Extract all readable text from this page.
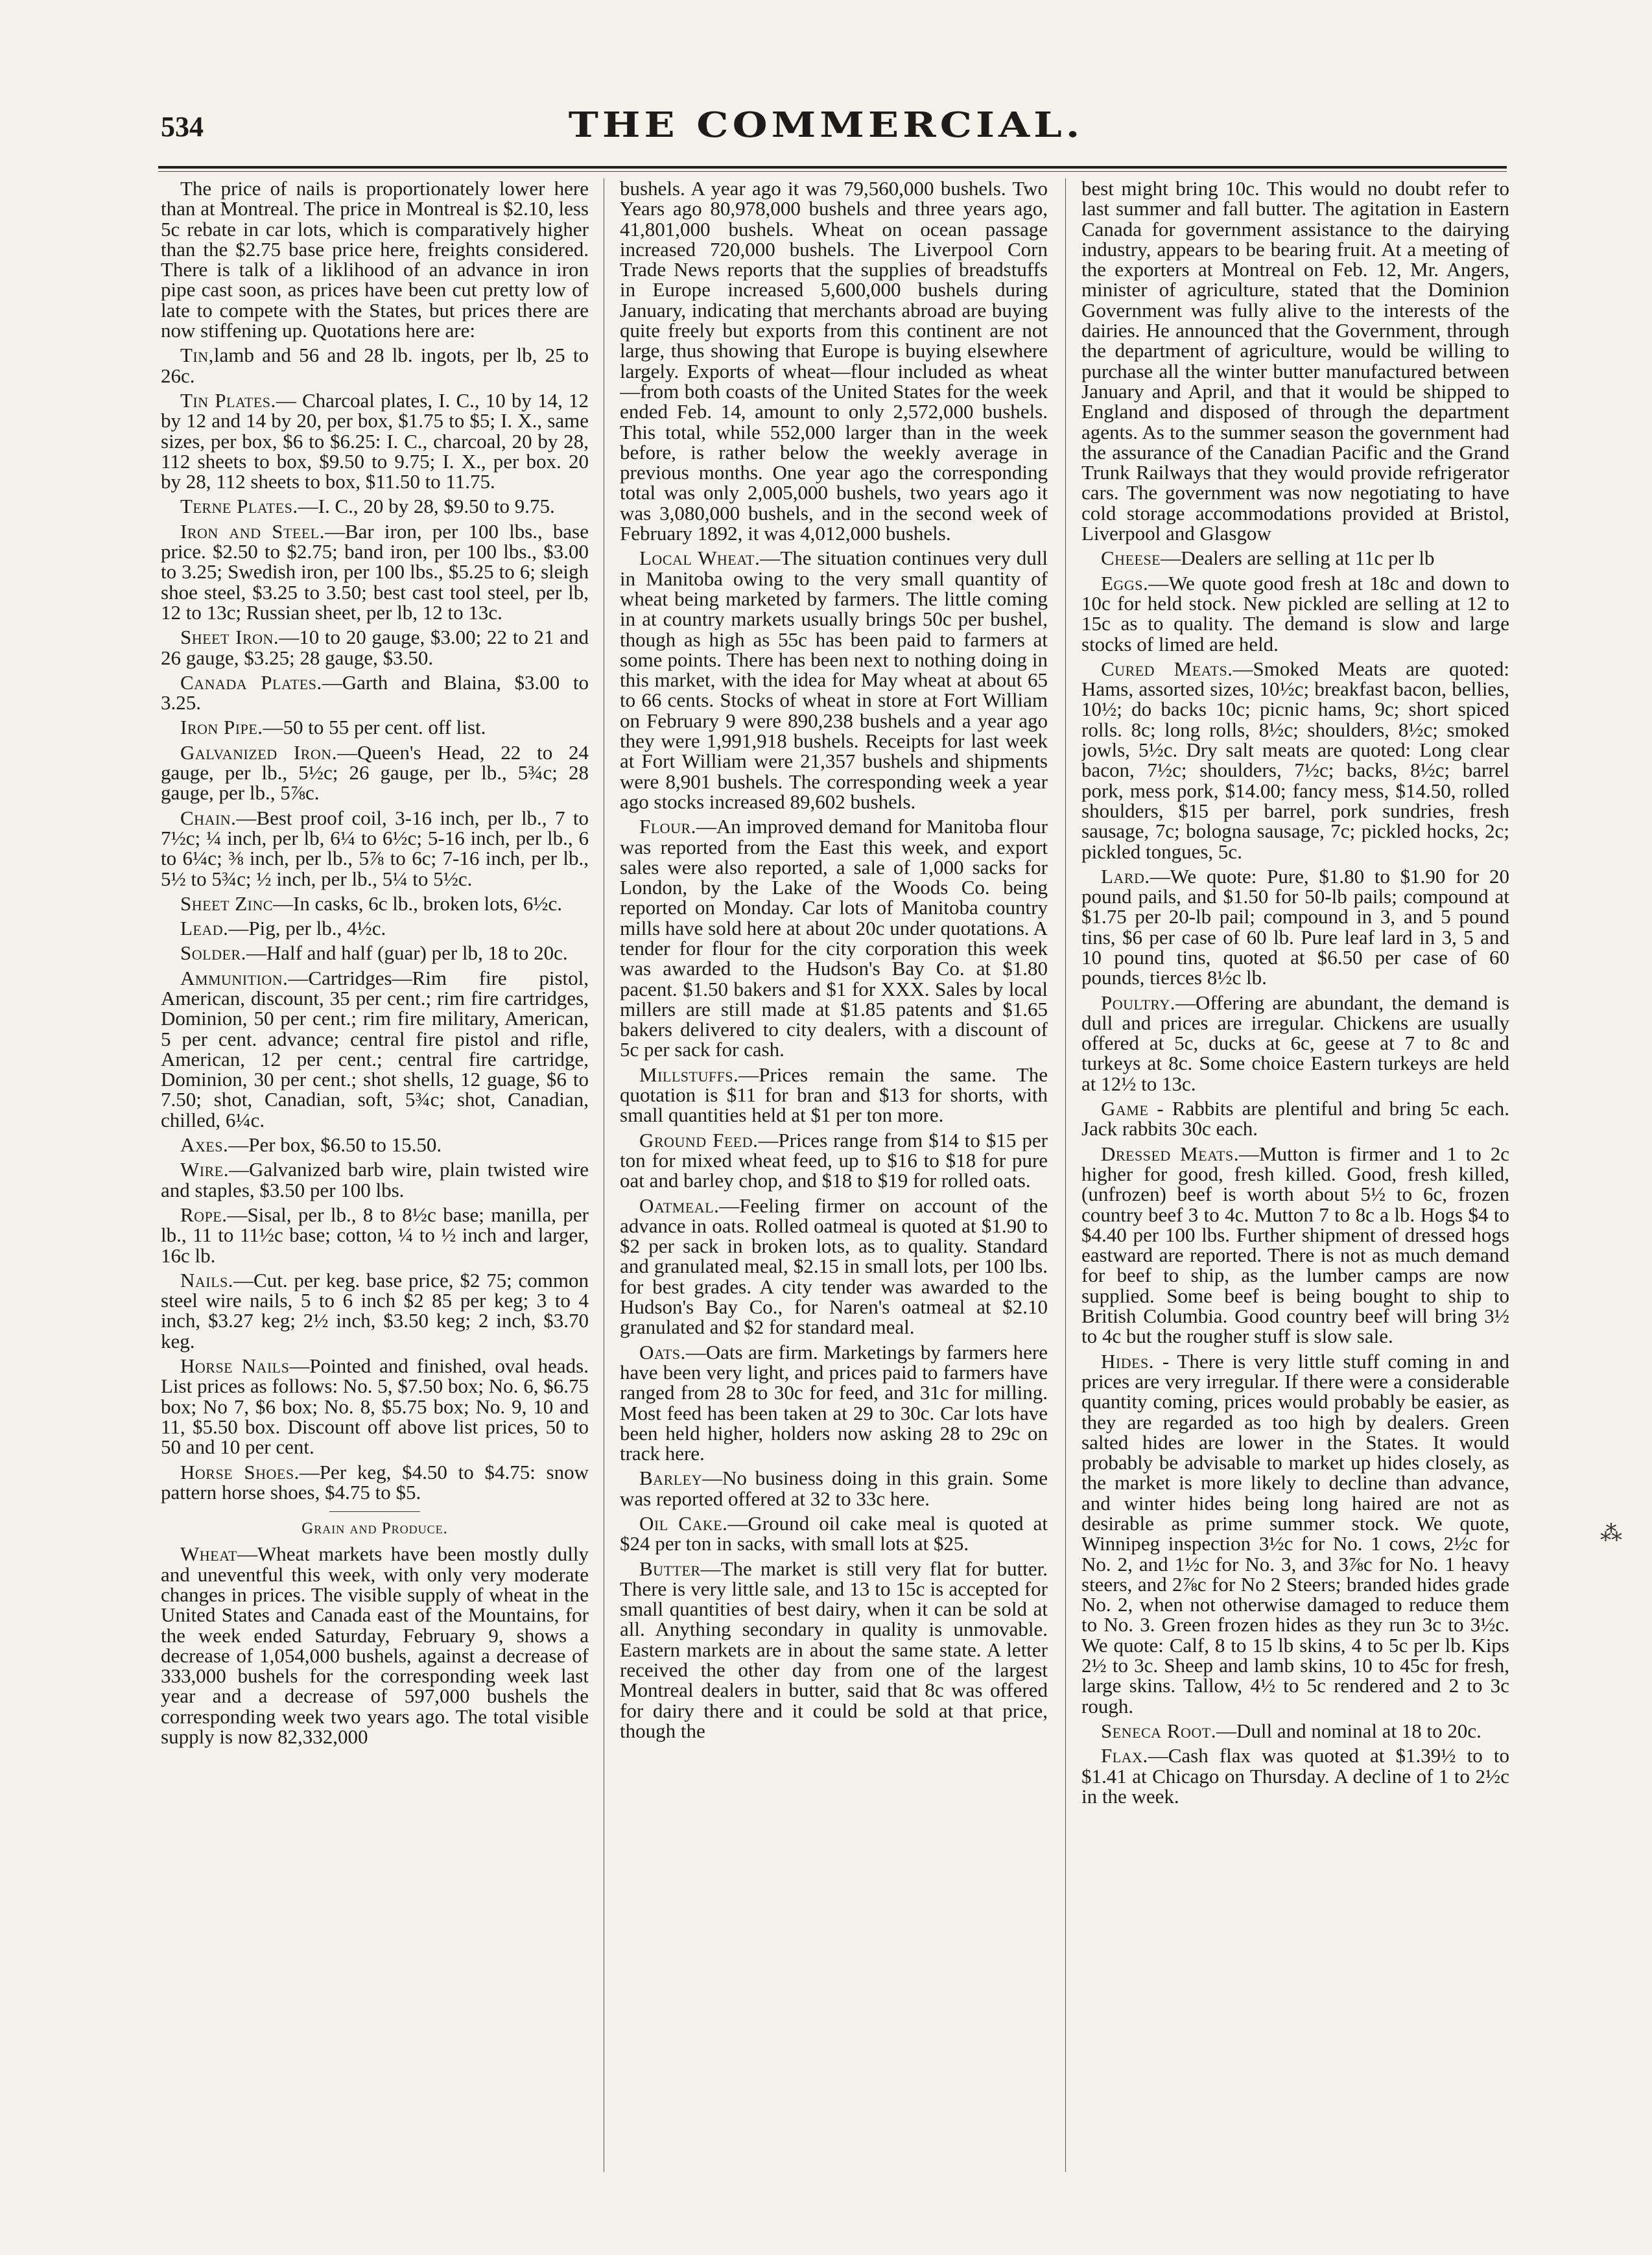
534	THE COMMERCIAL.

The price of nails is proportionately lower here than at Montreal. The price in Montreal is $2.10, less 5c rebate in car lots, which is comparatively higher than the $2.75 base price here, freights considered. There is talk of a liklihood of an advance in iron pipe cast soon, as prices have been cut pretty low of late to compete with the States, but prices there are now stiffening up. Quotations here are:

Tin,lamb and 56 and 28 lb. ingots, per lb, 25 to 26c.

Tin Plates.— Charcoal plates, I. C., 10 by 14, 12 by 12 and 14 by 20, per box, $1.75 to $5; I. X., same sizes, per box, $6 to $6.25: I. C., charcoal, 20 by 28, 112 sheets to box, $9.50 to 9.75; I. X., per box. 20 by 28, 112 sheets to box, $11.50 to 11.75.

Terne Plates.—I. C., 20 by 28, $9.50 to 9.75.

Iron and Steel.—Bar iron, per 100 lbs., base price. $2.50 to $2.75; band iron, per 100 lbs., $3.00 to 3.25; Swedish iron, per 100 lbs., $5.25 to 6; sleigh shoe steel, $3.25 to 3.50; best cast tool steel, per lb, 12 to 13c; Russian sheet, per lb, 12 to 13c.

Sheet Iron.—10 to 20 gauge, $3.00; 22 to 21 and 26 gauge, $3.25; 28 gauge, $3.50.

Canada Plates.—Garth and Blaina, $3.00 to 3.25.

Iron Pipe.—50 to 55 per cent. off list.

Galvanized Iron.—Queen's Head, 22 to 24 gauge, per lb., 5½c; 26 gauge, per lb., 5¾c; 28 gauge, per lb., 5⅞c.

Chain.—Best proof coil, 3-16 inch, per lb., 7 to 7½c; ¼ inch, per lb, 6¼ to 6½c; 5-16 inch, per lb., 6 to 6¼c; ⅜ inch, per lb., 5⅞ to 6c; 7-16 inch, per lb., 5½ to 5¾c; ½ inch, per lb., 5¼ to 5½c.

Sheet Zinc—In casks, 6c lb., broken lots, 6½c.

Lead.—Pig, per lb., 4½c.

Solder.—Half and half (guar) per lb, 18 to 20c.

Ammunition.—Cartridges—Rim fire pistol, American, discount, 35 per cent.; rim fire cartridges, Dominion, 50 per cent.; rim fire military, American, 5 per cent. advance; central fire pistol and rifle, American, 12 per cent.; central fire cartridge, Dominion, 30 per cent.; shot shells, 12 guage, $6 to 7.50; shot, Canadian, soft, 5¾c; shot, Canadian, chilled, 6¼c.

Axes.—Per box, $6.50 to 15.50.

Wire.—Galvanized barb wire, plain twisted wire and staples, $3.50 per 100 lbs.

Rope.—Sisal, per lb., 8 to 8½c base; manilla, per lb., 11 to 11½c base; cotton, ¼ to ½ inch and larger, 16c lb.

Nails.—Cut. per keg. base price, $2 75; common steel wire nails, 5 to 6 inch $2 85 per keg; 3 to 4 inch, $3.27 keg; 2½ inch, $3.50 keg; 2 inch, $3.70 keg.

Horse Nails—Pointed and finished, oval heads. List prices as follows: No. 5, $7.50 box; No. 6, $6.75 box; No 7, $6 box; No. 8, $5.75 box; No. 9, 10 and 11, $5.50 box. Discount off above list prices, 50 to 50 and 10 per cent.

Horse Shoes.—Per keg, $4.50 to $4.75: snow pattern horse shoes, $4.75 to $5.

Grain and Produce.

Wheat—Wheat markets have been mostly dully and uneventful this week, with only very moderate changes in prices. The visible supply of wheat in the United States and Canada east of the Mountains, for the week ended Saturday, February 9, shows a decrease of 1,054,000 bushels, against a decrease of 333,000 bushels for the corresponding week last year and a decrease of 597,000 bushels the corresponding week two years ago. The total visible supply is now 82,332,000

bushels. A year ago it was 79,560,000 bushels. Two Years ago 80,978,000 bushels and three years ago, 41,801,000 bushels. Wheat on ocean passage increased 720,000 bushels. The Liverpool Corn Trade News reports that the supplies of breadstuffs in Europe increased 5,600,000 bushels during January, indicating that merchants abroad are buying quite freely but exports from this continent are not large, thus showing that Europe is buying elsewhere largely. Exports of wheat—flour included as wheat—from both coasts of the United States for the week ended Feb. 14, amount to only 2,572,000 bushels. This total, while 552,000 larger than in the week before, is rather below the weekly average in previous months. One year ago the corresponding total was only 2,005,000 bushels, two years ago it was 3,080,000 bushels, and in the second week of February 1892, it was 4,012,000 bushels.

Local Wheat.—The situation continues very dull in Manitoba owing to the very small quantity of wheat being marketed by farmers. The little coming in at country markets usually brings 50c per bushel, though as high as 55c has been paid to farmers at some points. There has been next to nothing doing in this market, with the idea for May wheat at about 65 to 66 cents. Stocks of wheat in store at Fort William on February 9 were 890,238 bushels and a year ago they were 1,991,918 bushels. Receipts for last week at Fort William were 21,357 bushels and shipments were 8,901 bushels. The corresponding week a year ago stocks increased 89,602 bushels.

Flour.—An improved demand for Manitoba flour was reported from the East this week, and export sales were also reported, a sale of 1,000 sacks for London, by the Lake of the Woods Co. being reported on Monday. Car lots of Manitoba country mills have sold here at about 20c under quotations. A tender for flour for the city corporation this week was awarded to the Hudson's Bay Co. at $1.80 pacent. $1.50 bakers and $1 for XXX. Sales by local millers are still made at $1.85 patents and $1.65 bakers delivered to city dealers, with a discount of 5c per sack for cash.

Millstuffs.—Prices remain the same. The quotation is $11 for bran and $13 for shorts, with small quantities held at $1 per ton more.

Ground Feed.—Prices range from $14 to $15 per ton for mixed wheat feed, up to $16 to $18 for pure oat and barley chop, and $18 to $19 for rolled oats.

Oatmeal.—Feeling firmer on account of the advance in oats. Rolled oatmeal is quoted at $1.90 to $2 per sack in broken lots, as to quality. Standard and granulated meal, $2.15 in small lots, per 100 lbs. for best grades. A city tender was awarded to the Hudson's Bay Co., for Naren's oatmeal at $2.10 granulated and $2 for standard meal.

Oats.—Oats are firm. Marketings by farmers here have been very light, and prices paid to farmers have ranged from 28 to 30c for feed, and 31c for milling. Most feed has been taken at 29 to 30c. Car lots have been held higher, holders now asking 28 to 29c on track here.

Barley—No business doing in this grain. Some was reported offered at 32 to 33c here.

Oil Cake.—Ground oil cake meal is quoted at $24 per ton in sacks, with small lots at $25.

Butter—The market is still very flat for butter. There is very little sale, and 13 to 15c is accepted for small quantities of best dairy, when it can be sold at all. Anything secondary in quality is unmovable. Eastern markets are in about the same state. A letter received the other day from one of the largest Montreal dealers in butter, said that 8c was offered for dairy there and it could be sold at that price, though the

best might bring 10c. This would no doubt refer to last summer and fall butter. The agitation in Eastern Canada for government assistance to the dairying industry, appears to be bearing fruit. At a meeting of the exporters at Montreal on Feb. 12, Mr. Angers, minister of agriculture, stated that the Dominion Government was fully alive to the interests of the dairies. He announced that the Government, through the department of agriculture, would be willing to purchase all the winter butter manufactured between January and April, and that it would be shipped to England and disposed of through the department agents. As to the summer season the government had the assurance of the Canadian Pacific and the Grand Trunk Railways that they would provide refrigerator cars. The government was now negotiating to have cold storage accommodations provided at Bristol, Liverpool and Glasgow

Cheese—Dealers are selling at 11c per lb

Eggs.—We quote good fresh at 18c and down to 10c for held stock. New pickled are selling at 12 to 15c as to quality. The demand is slow and large stocks of limed are held.

Cured Meats.—Smoked Meats are quoted: Hams, assorted sizes, 10½c; breakfast bacon, bellies, 10½; do backs 10c; picnic hams, 9c; short spiced rolls. 8c; long rolls, 8½c; shoulders, 8½c; smoked jowls, 5½c. Dry salt meats are quoted: Long clear bacon, 7½c; shoulders, 7½c; backs, 8½c; barrel pork, mess pork, $14.00; fancy mess, $14.50, rolled shoulders, $15 per barrel, pork sundries, fresh sausage, 7c; bologna sausage, 7c; pickled hocks, 2c; pickled tongues, 5c.

Lard.—We quote: Pure, $1.80 to $1.90 for 20 pound pails, and $1.50 for 50-lb pails; compound at $1.75 per 20-lb pail; compound in 3, and 5 pound tins, $6 per case of 60 lb. Pure leaf lard in 3, 5 and 10 pound tins, quoted at $6.50 per case of 60 pounds, tierces 8½c lb.

Poultry.—Offering are abundant, the demand is dull and prices are irregular. Chickens are usually offered at 5c, ducks at 6c, geese at 7 to 8c and turkeys at 8c. Some choice Eastern turkeys are held at 12½ to 13c.

Game - Rabbits are plentiful and bring 5c each. Jack rabbits 30c each.

Dressed Meats.—Mutton is firmer and 1 to 2c higher for good, fresh killed. Good, fresh killed, (unfrozen) beef is worth about 5½ to 6c, frozen country beef 3 to 4c. Mutton 7 to 8c a lb. Hogs $4 to $4.40 per 100 lbs. Further shipment of dressed hogs eastward are reported. There is not as much demand for beef to ship, as the lumber camps are now supplied. Some beef is being bought to ship to British Columbia. Good country beef will bring 3½ to 4c but the rougher stuff is slow sale.

Hides. - There is very little stuff coming in and prices are very irregular. If there were a considerable quantity coming, prices would probably be easier, as they are regarded as too high by dealers. Green salted hides are lower in the States. It would probably be advisable to market up hides closely, as the market is more likely to decline than advance, and winter hides being long haired are not as desirable as prime summer stock. We quote, Winnipeg inspection 3½c for No. 1 cows, 2½c for No. 2, and 1½c for No. 3, and 3⅞c for No. 1 heavy steers, and 2⅞c for No 2 Steers; branded hides grade No. 2, when not otherwise damaged to reduce them to No. 3. Green frozen hides as they run 3c to 3½c. We quote: Calf, 8 to 15 lb skins, 4 to 5c per lb. Kips 2½ to 3c. Sheep and lamb skins, 10 to 45c for fresh, large skins. Tallow, 4½ to 5c rendered and 2 to 3c rough.

Seneca Root.—Dull and nominal at 18 to 20c.

Flax.—Cash flax was quoted at $1.39½ to to $1.41 at Chicago on Thursday. A decline of 1 to 2½c in the week.

⁂
